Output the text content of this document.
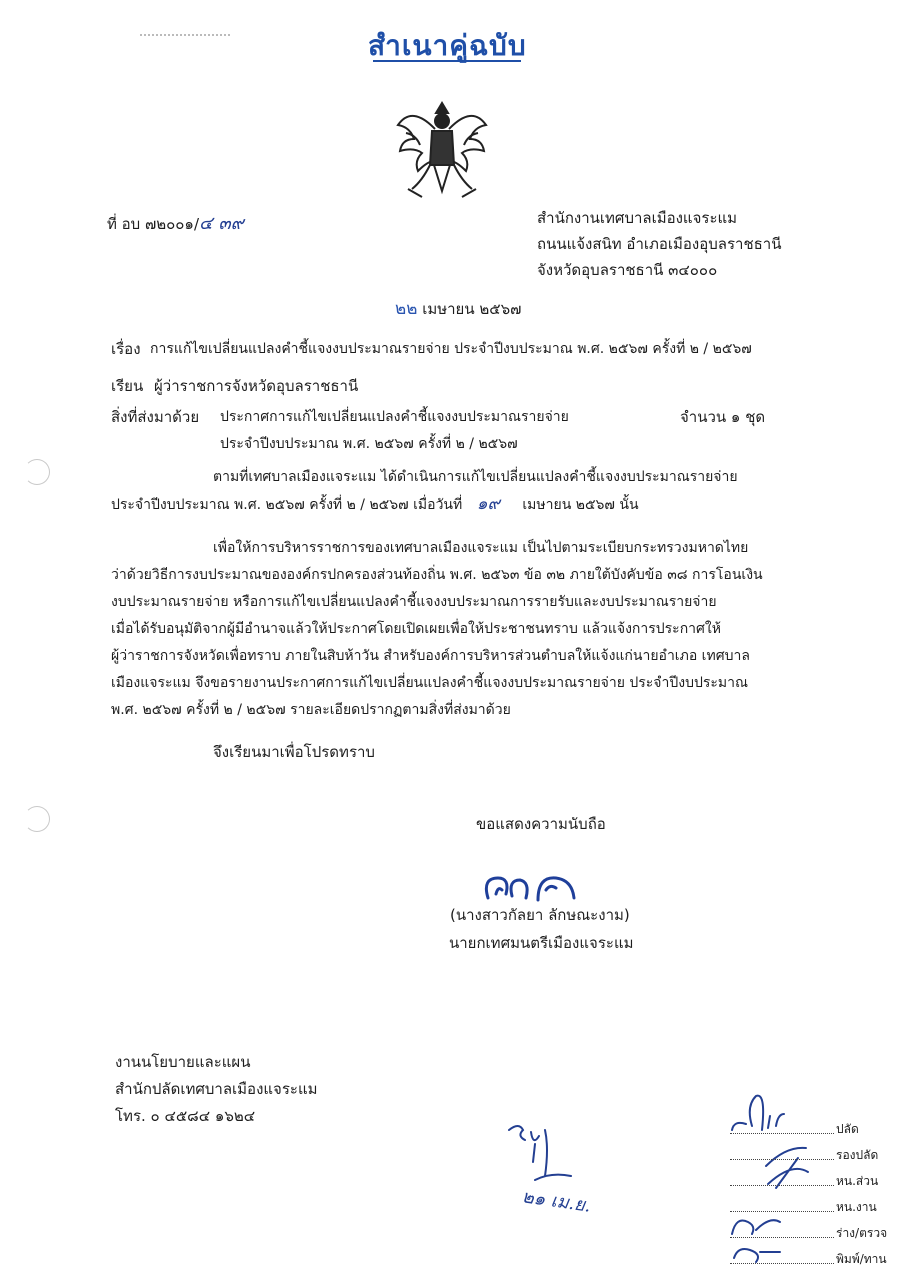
สำเนาคู่ฉบับ
ที่ อบ ๗๒๐๐๑/๔ ๓๙	สำนักงานเทศบาลเมืองแจระแม
ถนนแจ้งสนิท อำเภอเมืองอุบลราชธานี
จังหวัดอุบลราชธานี ๓๔๐๐๐
๒๒ เมษายน ๒๕๖๗
เรื่อง การแก้ไขเปลี่ยนแปลงคำชี้แจงงบประมาณรายจ่าย ประจำปีงบประมาณ พ.ศ. ๒๕๖๗ ครั้งที่ ๒ / ๒๕๖๗
เรียน ผู้ว่าราชการจังหวัดอุบลราชธานี
สิ่งที่ส่งมาด้วย ประกาศการแก้ไขเปลี่ยนแปลงคำชี้แจงงบประมาณรายจ่าย
ประจำปีงบประมาณ พ.ศ. ๒๕๖๗ ครั้งที่ ๒ / ๒๕๖๗
จำนวน ๑ ชุด
ตามที่เทศบาลเมืองแจระแม ได้ดำเนินการแก้ไขเปลี่ยนแปลงคำชี้แจงงบประมาณรายจ่าย
ประจำปีงบประมาณ พ.ศ. ๒๕๖๗ ครั้งที่ ๒ / ๒๕๖๗ เมื่อวันที่ ๑๙ เมษายน ๒๕๖๗ นั้น
เพื่อให้การบริหารราชการของเทศบาลเมืองแจระแม เป็นไปตามระเบียบกระทรวงมหาดไทย
ว่าด้วยวิธีการงบประมาณขององค์กรปกครองส่วนท้องถิ่น พ.ศ. ๒๕๖๓ ข้อ ๓๒ ภายใต้บังคับข้อ ๓๘ การโอนเงิน
งบประมาณรายจ่าย หรือการแก้ไขเปลี่ยนแปลงคำชี้แจงงบประมาณการรายรับและงบประมาณรายจ่าย
เมื่อได้รับอนุมัติจากผู้มีอำนาจแล้วให้ประกาศโดยเปิดเผยเพื่อให้ประชาชนทราบ แล้วแจ้งการประกาศให้
ผู้ว่าราชการจังหวัดเพื่อทราบ ภายในสิบห้าวัน สำหรับองค์การบริหารส่วนตำบลให้แจ้งแก่นายอำเภอ เทศบาล
เมืองแจระแม จึงขอรายงานประกาศการแก้ไขเปลี่ยนแปลงคำชี้แจงงบประมาณรายจ่าย ประจำปีงบประมาณ
พ.ศ. ๒๕๖๗ ครั้งที่ ๒ / ๒๕๖๗ รายละเอียดปรากฏตามสิ่งที่ส่งมาด้วย
จึงเรียนมาเพื่อโปรดทราบ
ขอแสดงความนับถือ
(นางสาวกัลยา ลักษณะงาม)
นายกเทศมนตรีเมืองแจระแม
งานนโยบายและแผน
สำนักปลัดเทศบาลเมืองแจระแม
โทร. ๐ ๔๕๘๔ ๑๖๒๔
๒๑ เม.ย.
ปลัด
รองปลัด
หน.ส่วน
หน.งาน
ร่าง/ตรวจ
พิมพ์/ทาน
